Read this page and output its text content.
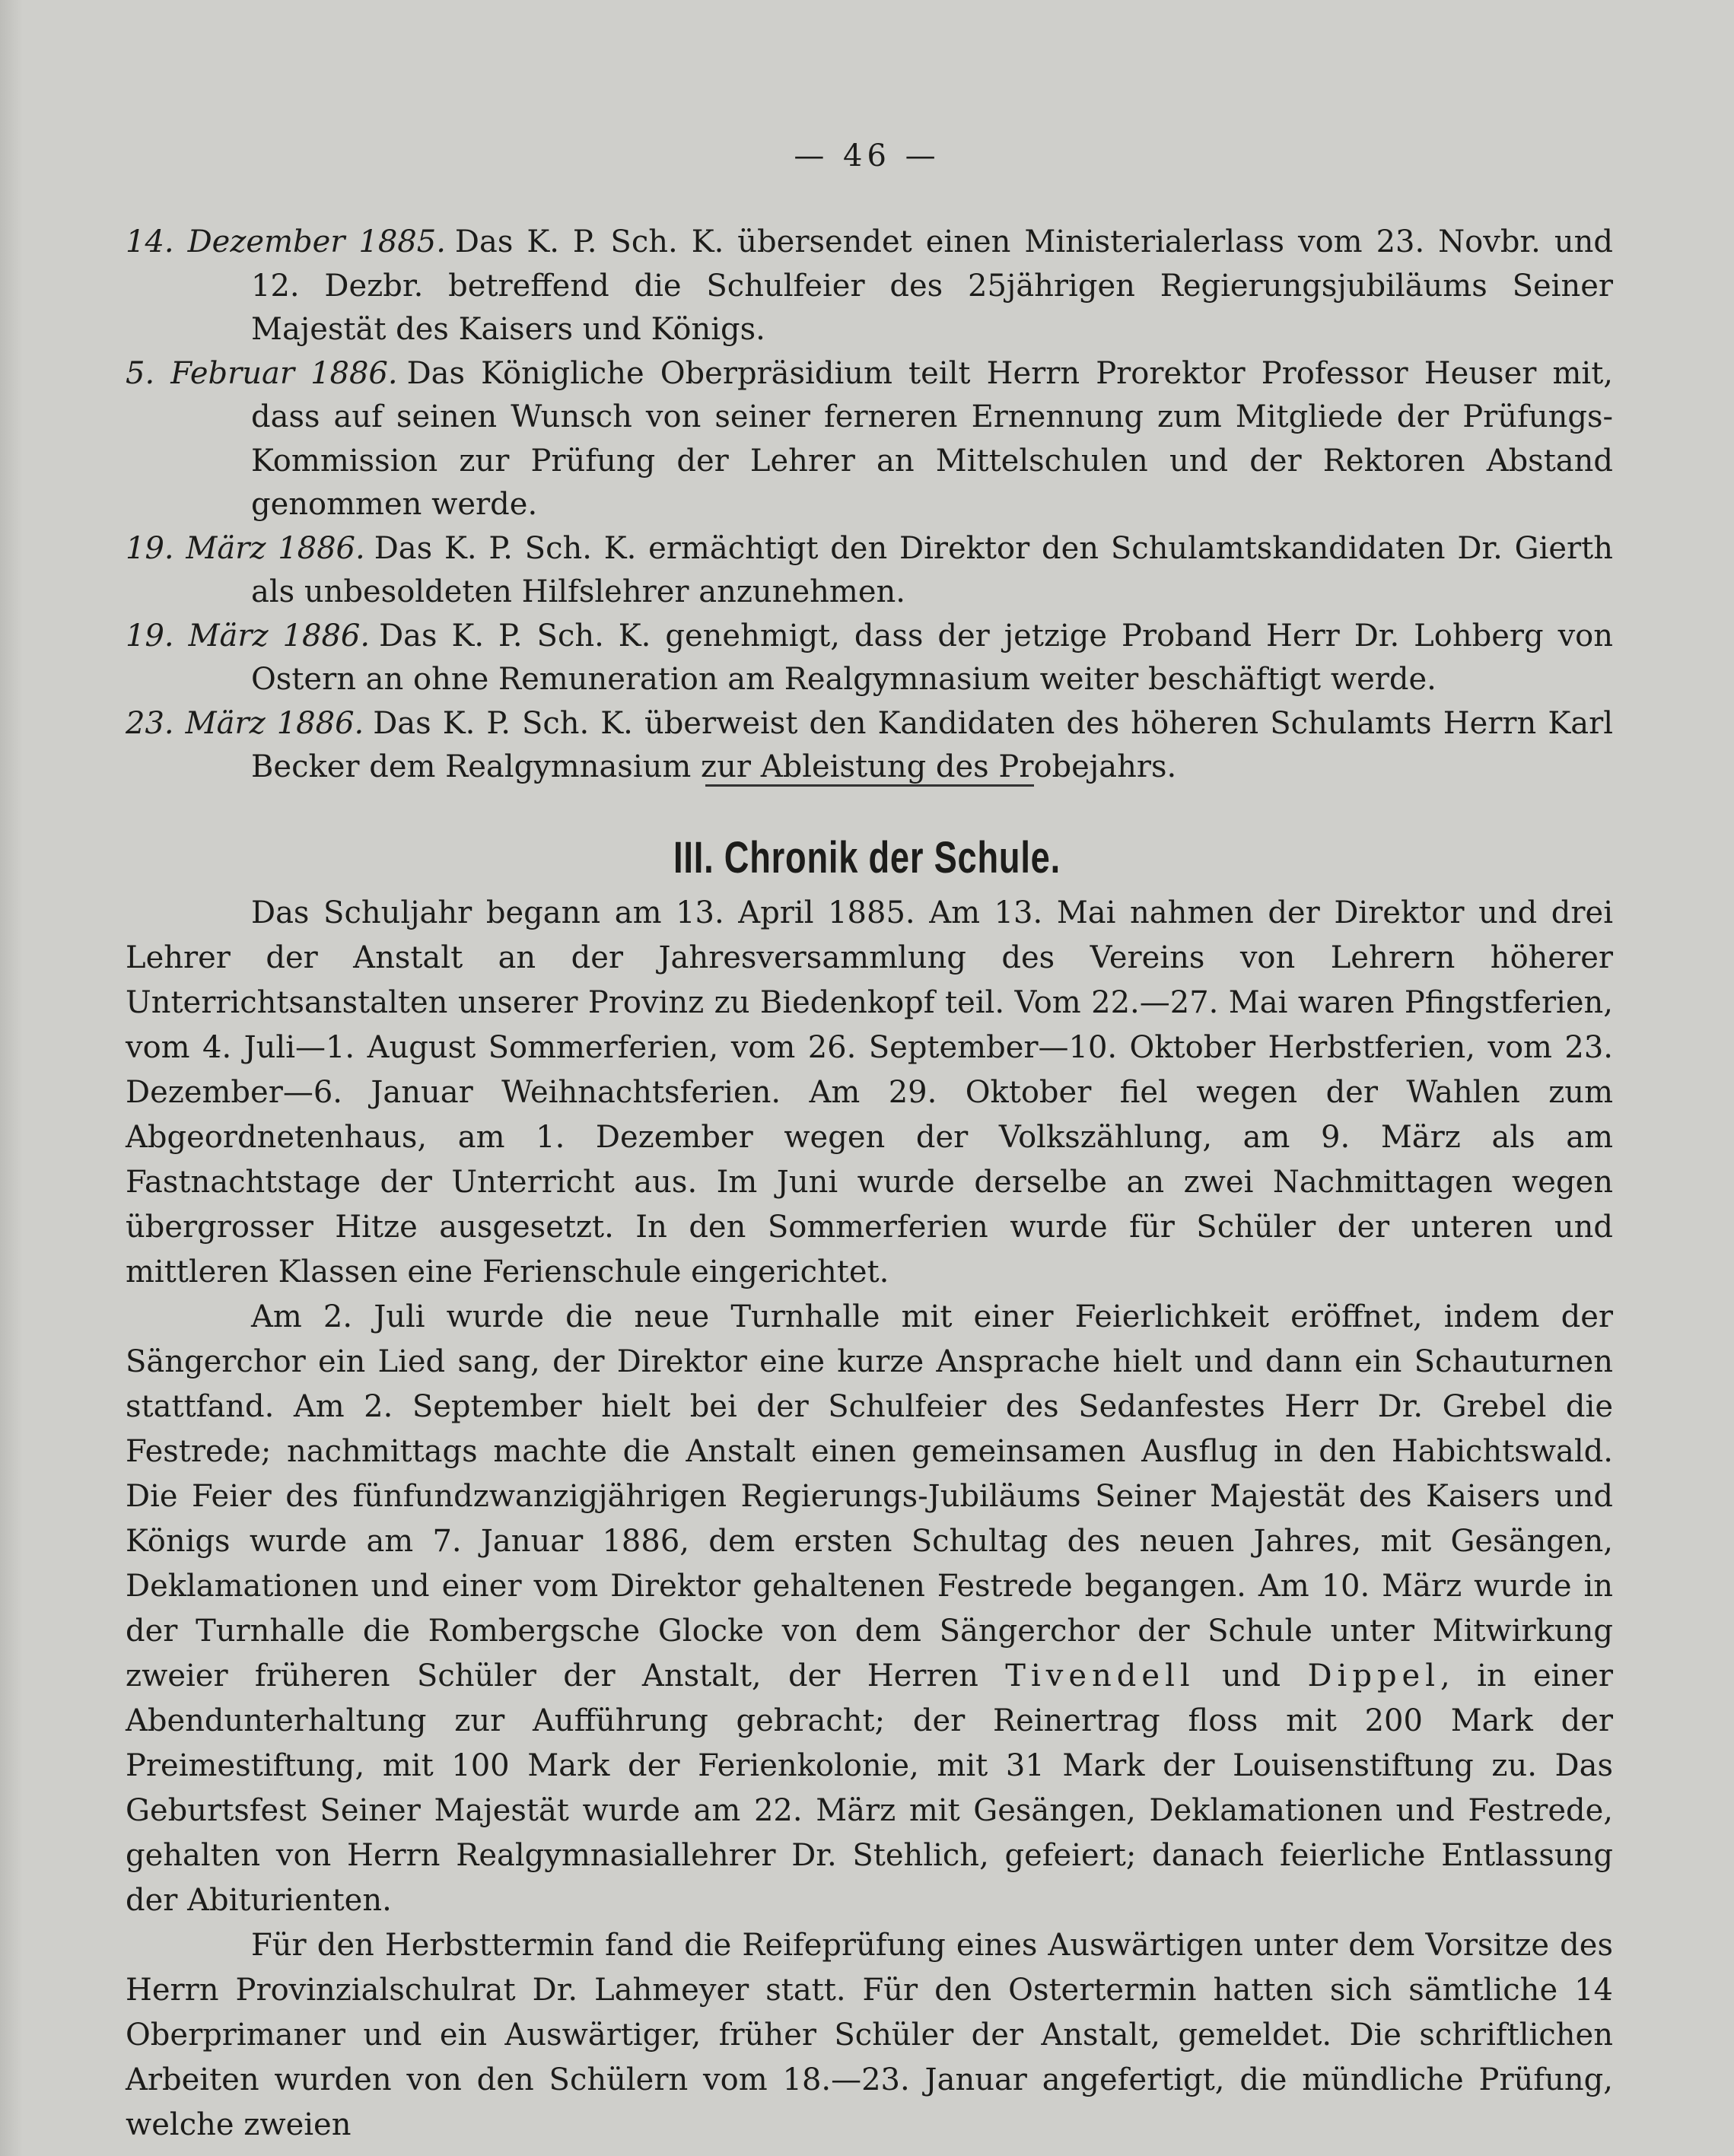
— 46 —

14. Dezember 1885. Das K. P. Sch. K. übersendet einen Ministerialerlass vom 23. Novbr. und 12. Dezbr. betreffend die Schulfeier des 25jährigen Regierungsjubiläums Seiner Majestät des Kaisers und Königs.

5. Februar 1886. Das Königliche Oberpräsidium teilt Herrn Prorektor Professor Heuser mit, dass auf seinen Wunsch von seiner ferneren Ernennung zum Mitgliede der Prüfungs-Kommission zur Prüfung der Lehrer an Mittelschulen und der Rektoren Abstand genommen werde.

19. März 1886. Das K. P. Sch. K. ermächtigt den Direktor den Schulamtskandidaten Dr. Gierth als unbesoldeten Hilfslehrer anzunehmen.

19. März 1886. Das K. P. Sch. K. genehmigt, dass der jetzige Proband Herr Dr. Lohberg von Ostern an ohne Remuneration am Realgymnasium weiter beschäftigt werde.

23. März 1886. Das K. P. Sch. K. überweist den Kandidaten des höheren Schulamts Herrn Karl Becker dem Realgymnasium zur Ableistung des Probejahrs.

III. Chronik der Schule.

Das Schuljahr begann am 13. April 1885. Am 13. Mai nahmen der Direktor und drei Lehrer der Anstalt an der Jahresversammlung des Vereins von Lehrern höherer Unterrichtsanstalten unserer Provinz zu Biedenkopf teil. Vom 22.—27. Mai waren Pfingstferien, vom 4. Juli—1. August Sommerferien, vom 26. September—10. Oktober Herbstferien, vom 23. Dezember—6. Januar Weihnachtsferien. Am 29. Oktober fiel wegen der Wahlen zum Abgeordnetenhaus, am 1. Dezember wegen der Volkszählung, am 9. März als am Fastnachtstage der Unterricht aus. Im Juni wurde derselbe an zwei Nachmittagen wegen übergrosser Hitze ausgesetzt. In den Sommerferien wurde für Schüler der unteren und mittleren Klassen eine Ferienschule eingerichtet.

Am 2. Juli wurde die neue Turnhalle mit einer Feierlichkeit eröffnet, indem der Sängerchor ein Lied sang, der Direktor eine kurze Ansprache hielt und dann ein Schauturnen stattfand. Am 2. September hielt bei der Schulfeier des Sedanfestes Herr Dr. Grebel die Festrede; nachmittags machte die Anstalt einen gemeinsamen Ausflug in den Habichtswald. Die Feier des fünfundzwanzigjährigen Regierungs-Jubiläums Seiner Majestät des Kaisers und Königs wurde am 7. Januar 1886, dem ersten Schultag des neuen Jahres, mit Gesängen, Deklamationen und einer vom Direktor gehaltenen Festrede begangen. Am 10. März wurde in der Turnhalle die Rombergsche Glocke von dem Sängerchor der Schule unter Mitwirkung zweier früheren Schüler der Anstalt, der Herren Tivendell und Dippel, in einer Abendunterhaltung zur Aufführung gebracht; der Reinertrag floss mit 200 Mark der Preimestiftung, mit 100 Mark der Ferienkolonie, mit 31 Mark der Louisenstiftung zu. Das Geburtsfest Seiner Majestät wurde am 22. März mit Gesängen, Deklamationen und Festrede, gehalten von Herrn Realgymnasiallehrer Dr. Stehlich, gefeiert; danach feierliche Entlassung der Abiturienten.

Für den Herbsttermin fand die Reifeprüfung eines Auswärtigen unter dem Vorsitze des Herrn Provinzialschulrat Dr. Lahmeyer statt. Für den Ostertermin hatten sich sämtliche 14 Oberprimaner und ein Auswärtiger, früher Schüler der Anstalt, gemeldet. Die schriftlichen Arbeiten wurden von den Schülern vom 18.—23. Januar angefertigt, die mündliche Prüfung, welche zweien
